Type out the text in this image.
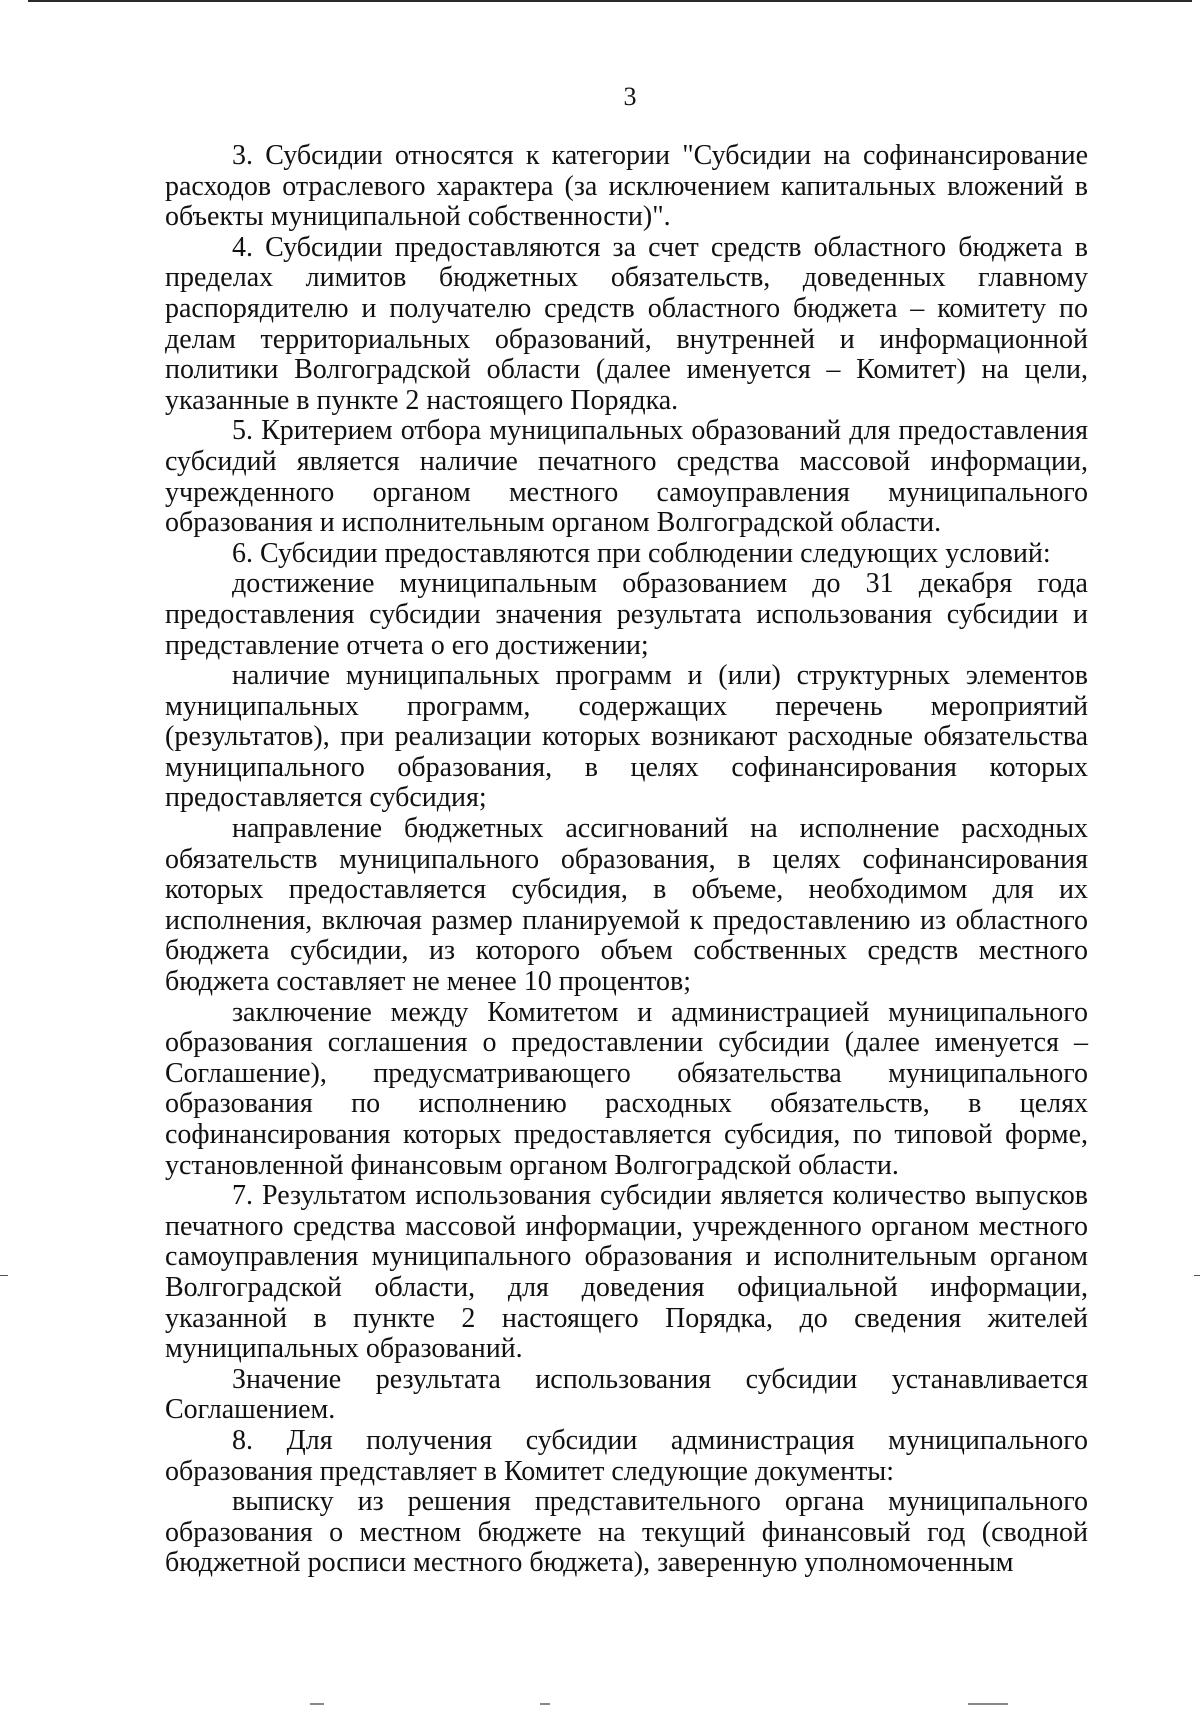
3

3. Субсидии относятся к категории "Субсидии на софинансирование расходов отраслевого характера (за исключением капитальных вложений в объекты муниципальной собственности)".

4. Субсидии предоставляются за счет средств областного бюджета в пределах лимитов бюджетных обязательств, доведенных главному распорядителю и получателю средств областного бюджета – комитету по делам территориальных образований, внутренней и информационной политики Волгоградской области (далее именуется – Комитет) на цели, указанные в пункте 2 настоящего Порядка.

5. Критерием отбора муниципальных образований для предоставления субсидий является наличие печатного средства массовой информации, учрежденного органом местного самоуправления муниципального образования и исполнительным органом Волгоградской области.

6. Субсидии предоставляются при соблюдении следующих условий:

достижение муниципальным образованием до 31 декабря года предоставления субсидии значения результата использования субсидии и представление отчета о его достижении;

наличие муниципальных программ и (или) структурных элементов муниципальных программ, содержащих перечень мероприятий (результатов), при реализации которых возникают расходные обязательства муниципального образования, в целях софинансирования которых предоставляется субсидия;

направление бюджетных ассигнований на исполнение расходных обязательств муниципального образования, в целях софинансирования которых предоставляется субсидия, в объеме, необходимом для их исполнения, включая размер планируемой к предоставлению из областного бюджета субсидии, из которого объем собственных средств местного бюджета составляет не менее 10 процентов;

заключение между Комитетом и администрацией муниципального образования соглашения о предоставлении субсидии (далее именуется – Соглашение), предусматривающего обязательства муниципального образования по исполнению расходных обязательств, в целях софинансирования которых предоставляется субсидия, по типовой форме, установленной финансовым органом Волгоградской области.

7. Результатом использования субсидии является количество выпусков печатного средства массовой информации, учрежденного органом местного самоуправления муниципального образования и исполнительным органом Волгоградской области, для доведения официальной информации, указанной в пункте 2 настоящего Порядка, до сведения жителей муниципальных образований.

Значение результата использования субсидии устанавливается Соглашением.

8. Для получения субсидии администрация муниципального образования представляет в Комитет следующие документы:

выписку из решения представительного органа муниципального образования о местном бюджете на текущий финансовый год (сводной бюджетной росписи местного бюджета), заверенную уполномоченным
